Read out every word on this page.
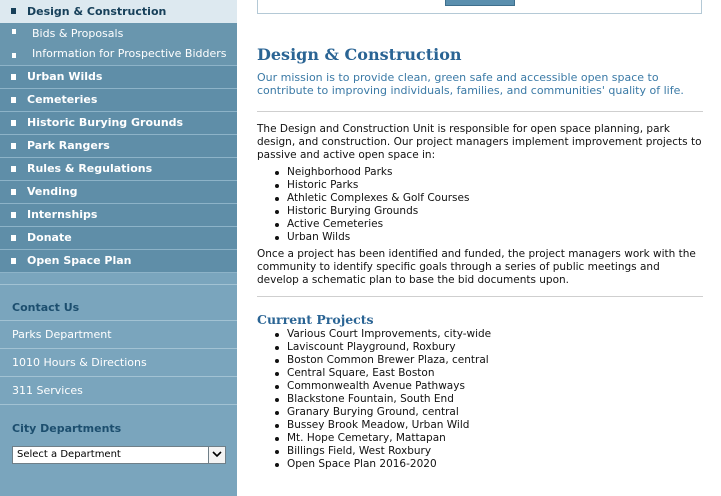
Design & Construction
Bids & Proposals
Information for Prospective Bidders
Urban Wilds
Cemeteries
Historic Burying Grounds
Park Rangers
Rules & Regulations
Vending
Internships
Donate
Open Space Plan
Contact Us
Parks Department
1010 Hours & Directions
311 Services
City Departments
Select a Department
Design & Construction

Our mission is to provide clean, green safe and accessible open space to contribute to improving individuals, families, and communities' quality of life.

The Design and Construction Unit is responsible for open space planning, park design, and construction. Our project managers implement improvement projects to passive and active open space in:

Neighborhood Parks
Historic Parks
Athletic Complexes & Golf Courses
Historic Burying Grounds
Active Cemeteries
Urban Wilds

Once a project has been identified and funded, the project managers work with the community to identify specific goals through a series of public meetings and develop a schematic plan to base the bid documents upon.

Current Projects
Various Court Improvements, city-wide
Laviscount Playground, Roxbury
Boston Common Brewer Plaza, central
Central Square, East Boston
Commonwealth Avenue Pathways
Blackstone Fountain, South End
Granary Burying Ground, central
Bussey Brook Meadow, Urban Wild
Mt. Hope Cemetary, Mattapan
Billings Field, West Roxbury
Open Space Plan 2016-2020
